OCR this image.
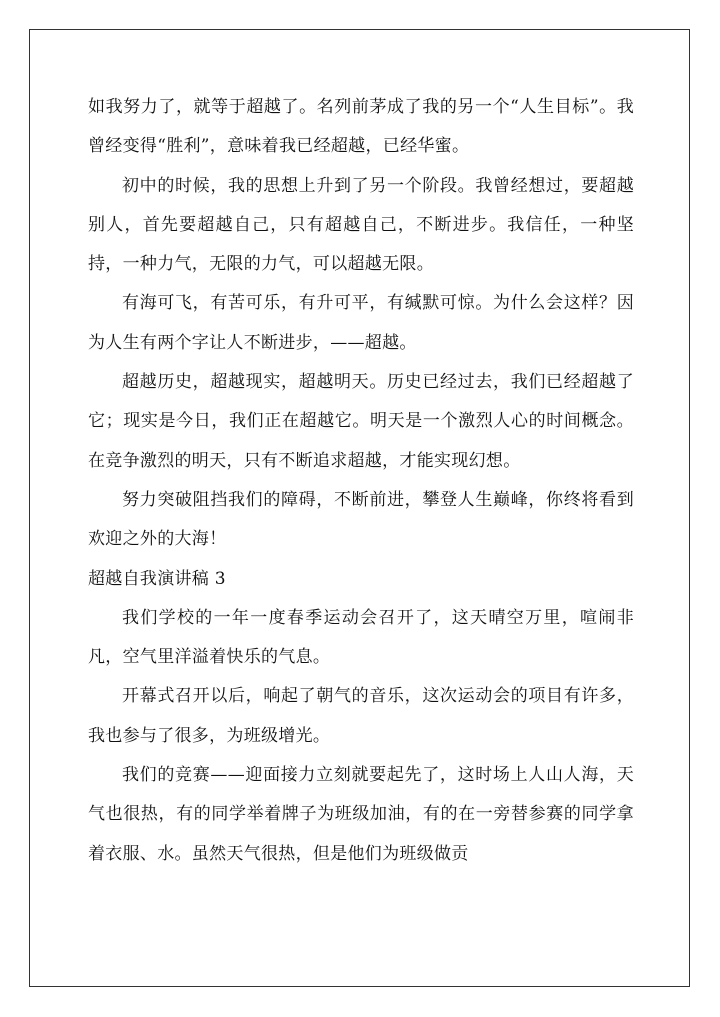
如我努力了，就等于超越了。名列前茅成了我的另一个“人生目标”。我曾经变得“胜利”，意味着我已经超越，已经华蜜。

初中的时候，我的思想上升到了另一个阶段。我曾经想过，要超越别人，首先要超越自己，只有超越自己，不断进步。我信任，一种坚持，一种力气，无限的力气，可以超越无限。

有海可飞，有苦可乐，有升可平，有缄默可惊。为什么会这样？因为人生有两个字让人不断进步，——超越。

超越历史，超越现实，超越明天。历史已经过去，我们已经超越了它；现实是今日，我们正在超越它。明天是一个激烈人心的时间概念。在竞争激烈的明天，只有不断追求超越，才能实现幻想。

努力突破阻挡我们的障碍，不断前进，攀登人生巅峰，你终将看到欢迎之外的大海！

超越自我演讲稿 3

我们学校的一年一度春季运动会召开了，这天晴空万里，喧闹非凡，空气里洋溢着快乐的气息。

开幕式召开以后，响起了朝气的音乐，这次运动会的项目有许多，我也参与了很多，为班级增光。

我们的竞赛——迎面接力立刻就要起先了，这时场上人山人海，天气也很热，有的同学举着牌子为班级加油，有的在一旁替参赛的同学拿着衣服、水。虽然天气很热，但是他们为班级做贡
